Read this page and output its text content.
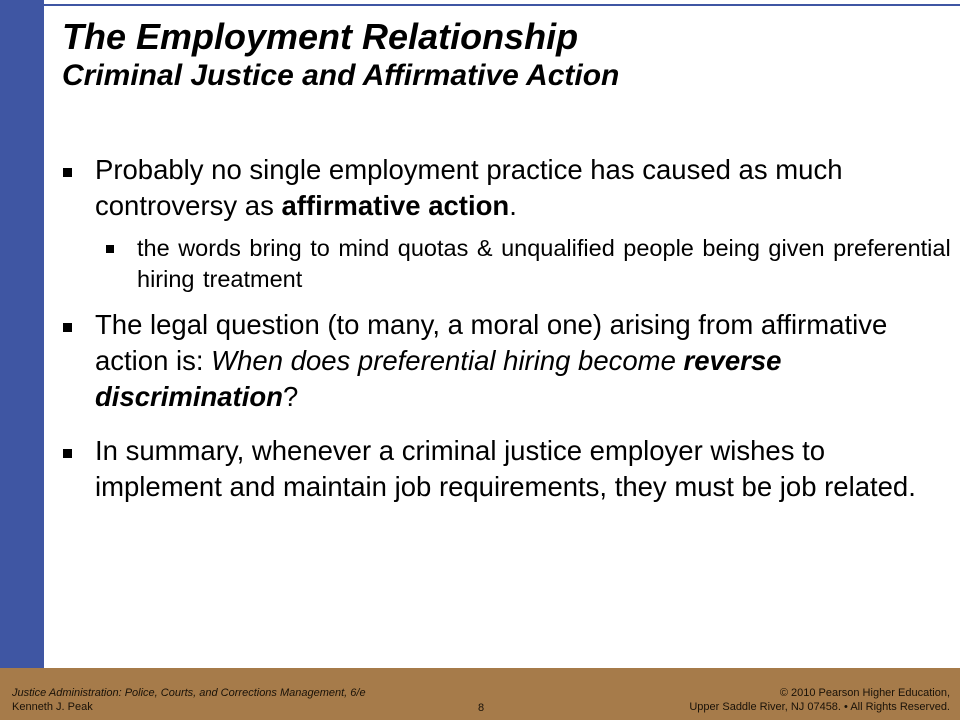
The Employment Relationship
Criminal Justice and Affirmative Action
Probably no single employment practice has caused as much controversy as affirmative action.
the words bring to mind quotas & unqualified people being given preferential hiring treatment
The legal question (to many, a moral one) arising from affirmative action is: When does preferential hiring become reverse discrimination?
In summary, whenever a criminal justice employer wishes to implement and maintain job requirements, they must be job related.
Justice Administration: Police, Courts, and Corrections Management, 6/e
Kenneth J. Peak	8
© 2010 Pearson Higher Education,
Upper Saddle River, NJ 07458. • All Rights Reserved.
